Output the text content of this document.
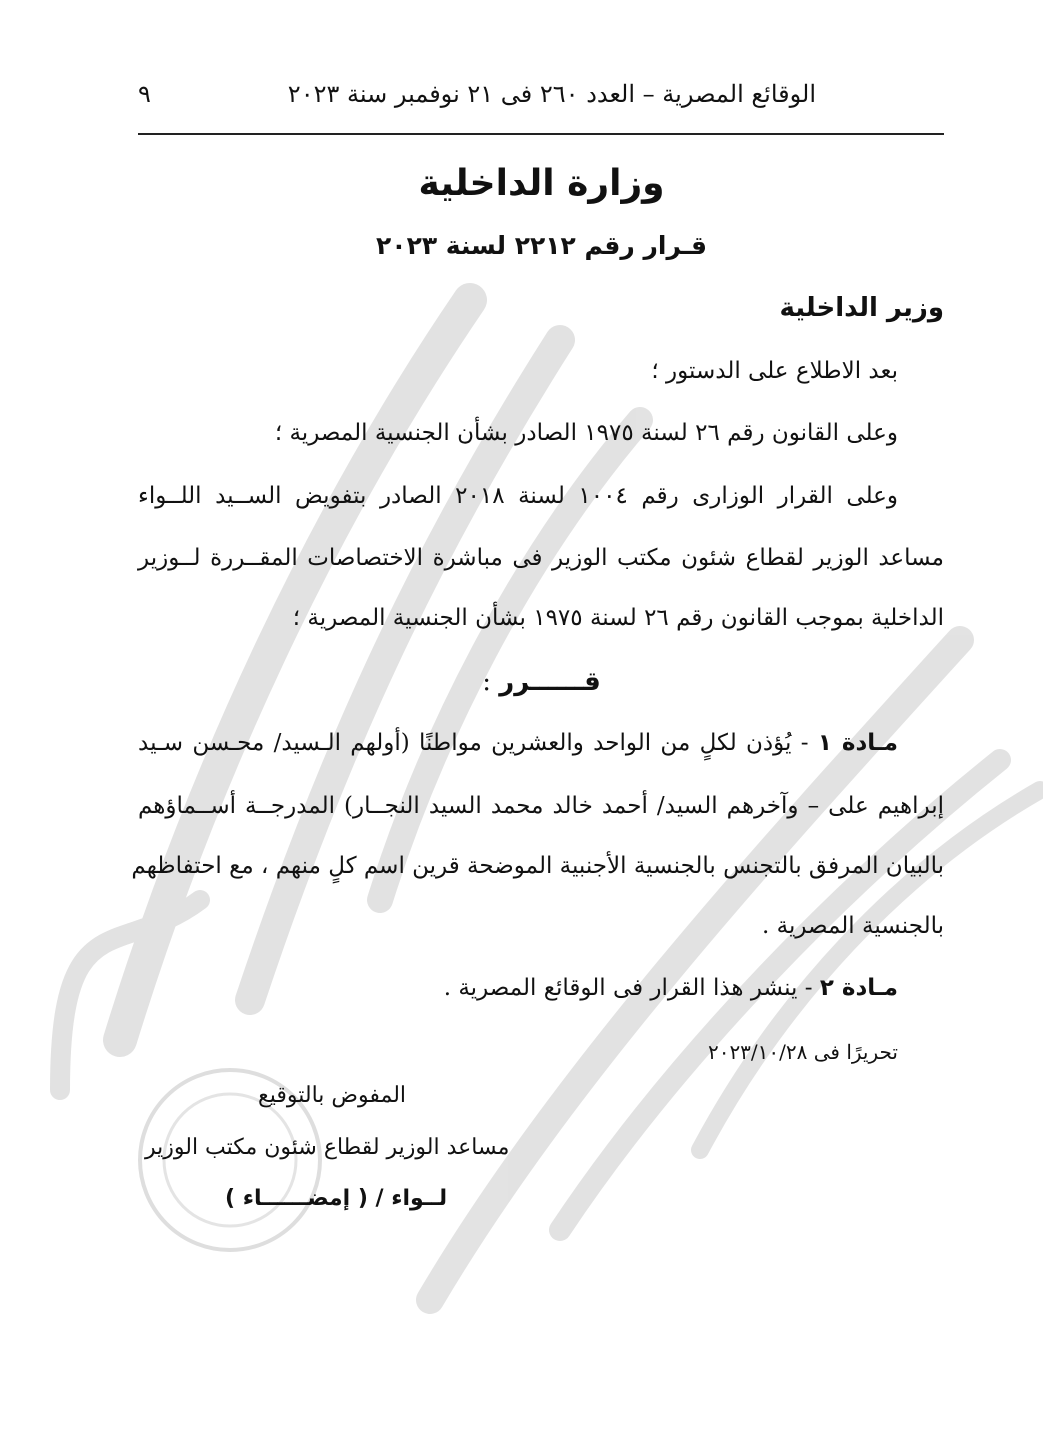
الوقائع المصرية – العدد ٢٦٠ فى ٢١ نوفمبر سنة ٢٠٢٣
٩
وزارة الداخلية
قـرار رقم ٢٢١٢ لسنة ٢٠٢٣
وزير الداخلية
بعد الاطلاع على الدستور ؛
وعلى القانون رقم ٢٦ لسنة ١٩٧٥ الصادر بشأن الجنسية المصرية ؛
وعلى القرار الوزارى رقم ١٠٠٤ لسنة ٢٠١٨ الصادر بتفويض الســيد اللــواء
مساعد الوزير لقطاع شئون مكتب الوزير فى مباشرة الاختصاصات المقــررة لــوزير
الداخلية بموجب القانون رقم ٢٦ لسنة ١٩٧٥ بشأن الجنسية المصرية ؛
قــــــرر :
مـادة ١ - يُؤذن لكلٍ من الواحد والعشرين مواطنًا (أولهم الـسيد/ محـسن سـيد
إبراهيم على – وآخرهم السيد/ أحمد خالد محمد السيد النجــار) المدرجــة أســماؤهم
بالبيان المرفق بالتجنس بالجنسية الأجنبية الموضحة قرين اسم كلٍ منهم ، مع احتفاظهم
بالجنسية المصرية .
مـادة ٢ - ينشر هذا القرار فى الوقائع المصرية .
تحريرًا فى ٢٠٢٣/١٠/٢٨
المفوض بالتوقيع
مساعد الوزير لقطاع شئون مكتب الوزير
لــواء / ( إمضــــــاء )
